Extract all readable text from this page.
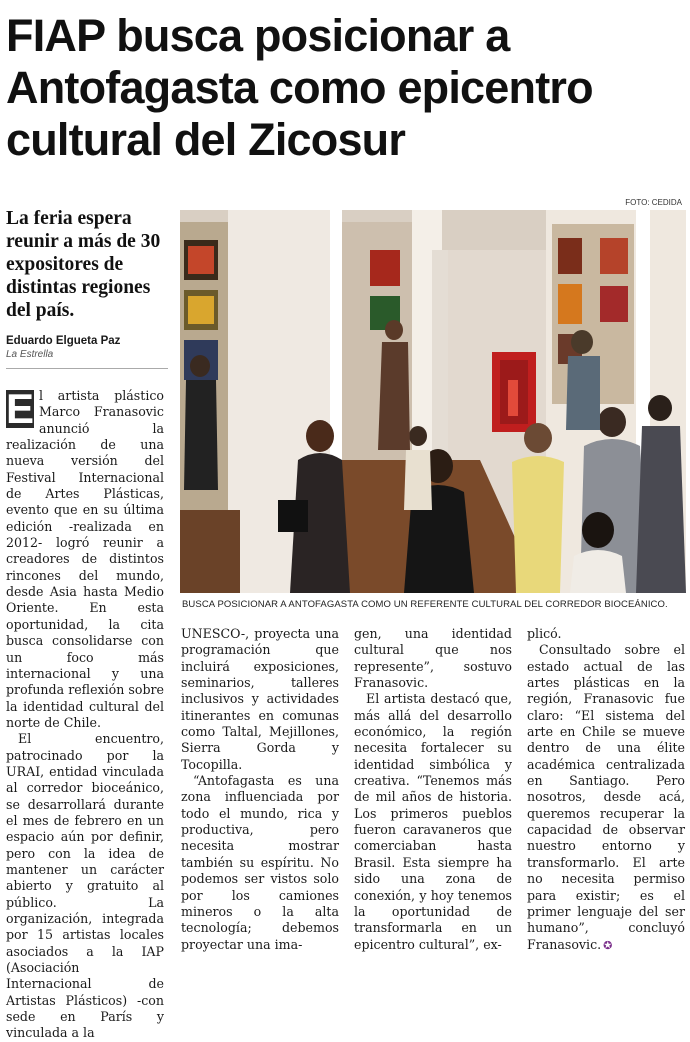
FIAP busca posicionar a
Antofagasta como epicentro
cultural del Zicosur
FOTO: CEDIDA
La feria espera reunir a más de 30 expositores de distintas regiones del país.
Eduardo Elgueta Paz
La Estrella
BUSCA POSICIONAR A ANTOFAGASTA COMO UN REFERENTE CULTURAL DEL CORREDOR BIOCEÁNICO.

E l artista plástico Marco Franasovic anunció la realización de una nueva versión del Festival Internacional de Artes Plásticas, evento que en su última edición -realizada en 2012- logró reunir a creadores de distintos rincones del mundo, desde Asia hasta Medio Oriente. En esta oportunidad, la cita busca consolidarse con un foco más internacional y una profunda reflexión sobre la identidad cultural del norte de Chile.

El encuentro, patrocinado por la URAI, entidad vinculada al corredor bioceánico, se desarrollará durante el mes de febrero en un espacio aún por definir, pero con la idea de mantener un carácter abierto y gratuito al público. La organización, integrada por 15 artistas locales asociados a la IAP (Asociación Internacional de Artistas Plásticos) -con sede en París y vinculada a la

UNESCO-, proyecta una programación que incluirá exposiciones, seminarios, talleres inclusivos y actividades itinerantes en comunas como Taltal, Mejillones, Sierra Gorda y Tocopilla.

“Antofagasta es una zona influenciada por todo el mundo, rica y productiva, pero necesita mostrar también su espíritu. No podemos ser vistos solo por los camiones mineros o la alta tecnología; debemos proyectar una ima-

gen, una identidad cultural que nos represente”, sostuvo Franasovic.

El artista destacó que, más allá del desarrollo económico, la región necesita fortalecer su identidad simbólica y creativa. “Tenemos más de mil años de historia. Los primeros pueblos fueron caravaneros que comerciaban hasta Brasil. Esta siempre ha sido una zona de conexión, y hoy tenemos la oportunidad de transformarla en un epicentro cultural”, ex-

plicó.

Consultado sobre el estado actual de las artes plásticas en la región, Franasovic fue claro: “El sistema del arte en Chile se mueve dentro de una élite académica centralizada en Santiago. Pero nosotros, desde acá, queremos recuperar la capacidad de observar nuestro entorno y transformarlo. El arte no necesita permiso para existir; es el primer lenguaje del ser humano”, concluyó Franasovic. ✪
